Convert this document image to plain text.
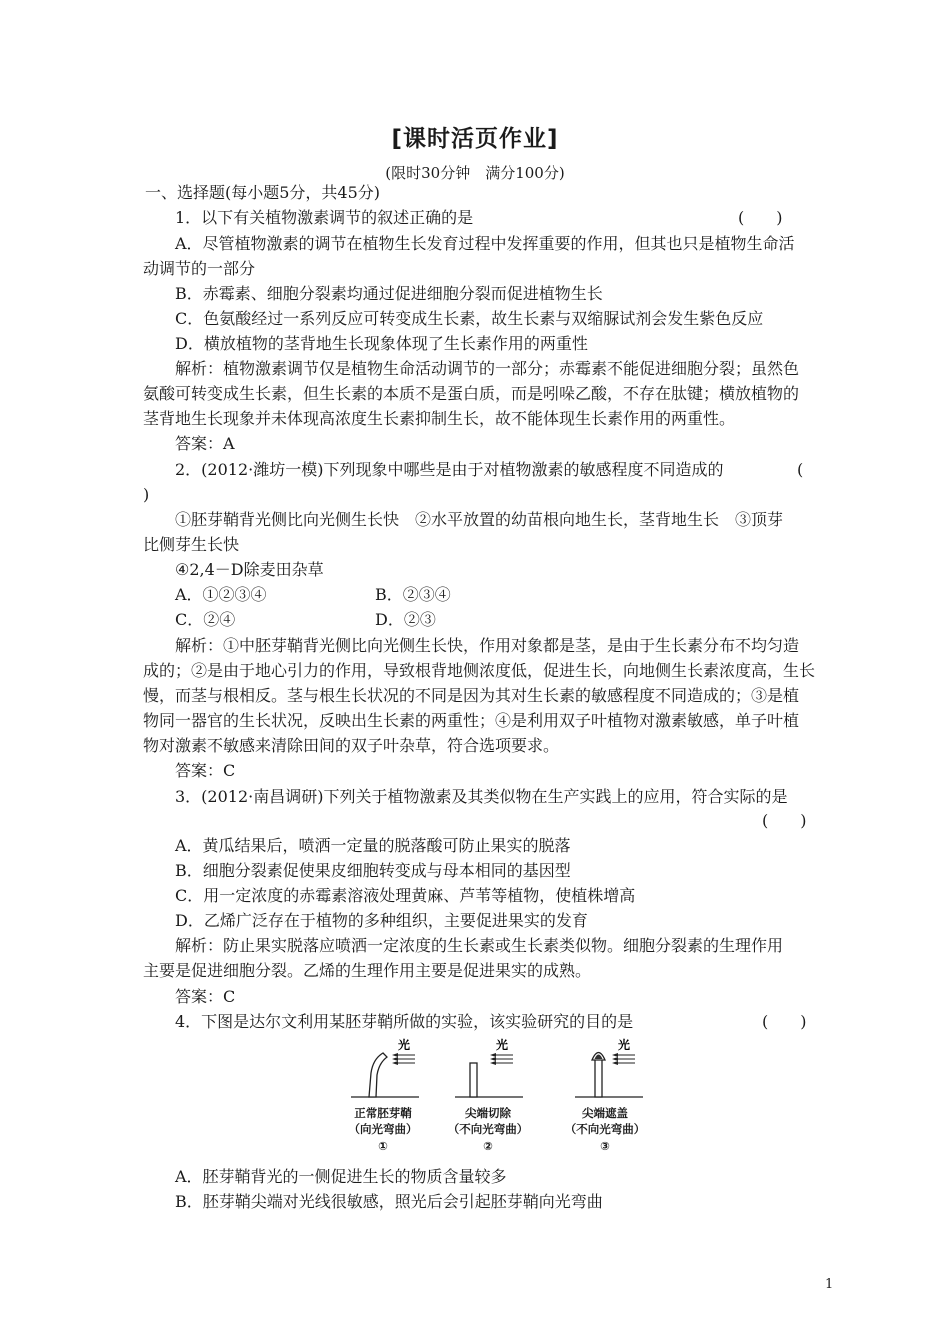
[课时活页作业]
(限时30分钟　满分100分)
一、选择题(每小题5分，共45分)
1．以下有关植物激素调节的叙述正确的是	(　　)
A．尽管植物激素的调节在植物生长发育过程中发挥重要的作用，但其也只是植物生命活
动调节的一部分
B．赤霉素、细胞分裂素均通过促进细胞分裂而促进植物生长
C．色氨酸经过一系列反应可转变成生长素，故生长素与双缩脲试剂会发生紫色反应
D．横放植物的茎背地生长现象体现了生长素作用的两重性
解析：植物激素调节仅是植物生命活动调节的一部分；赤霉素不能促进细胞分裂；虽然色
氨酸可转变成生长素，但生长素的本质不是蛋白质，而是吲哚乙酸，不存在肽键；横放植物的
茎背地生长现象并未体现高浓度生长素抑制生长，故不能体现生长素作用的两重性。
答案：A
2．(2012·潍坊一模)下列现象中哪些是由于对植物激素的敏感程度不同造成的	(
)
①胚芽鞘背光侧比向光侧生长快　②水平放置的幼苗根向地生长，茎背地生长　③顶芽
比侧芽生长快
④2,4－D除麦田杂草
A．①②③④	B．②③④
C．②④	D．②③
解析：①中胚芽鞘背光侧比向光侧生长快，作用对象都是茎，是由于生长素分布不均匀造
成的；②是由于地心引力的作用，导致根背地侧浓度低，促进生长，向地侧生长素浓度高，生长
慢，而茎与根相反。茎与根生长状况的不同是因为其对生长素的敏感程度不同造成的；③是植
物同一器官的生长状况，反映出生长素的两重性；④是利用双子叶植物对激素敏感，单子叶植
物对激素不敏感来清除田间的双子叶杂草，符合选项要求。
答案：C
3．(2012·南昌调研)下列关于植物激素及其类似物在生产实践上的应用，符合实际的是
(　　)
A．黄瓜结果后，喷洒一定量的脱落酸可防止果实的脱落
B．细胞分裂素促使果皮细胞转变成与母本相同的基因型
C．用一定浓度的赤霉素溶液处理黄麻、芦苇等植物，使植株增高
D．乙烯广泛存在于植物的多种组织，主要促进果实的发育
解析：防止果实脱落应喷洒一定浓度的生长素或生长素类似物。细胞分裂素的生理作用
主要是促进细胞分裂。乙烯的生理作用主要是促进果实的成熟。
答案：C
4．下图是达尔文利用某胚芽鞘所做的实验，该实验研究的目的是	(　　)
光	光	光
正常胚芽鞘
（向光弯曲）
①
尖端切除
（不向光弯曲）
②
尖端遮盖
（不向光弯曲）
③
A．胚芽鞘背光的一侧促进生长的物质含量较多
B．胚芽鞘尖端对光线很敏感，照光后会引起胚芽鞘向光弯曲
1
